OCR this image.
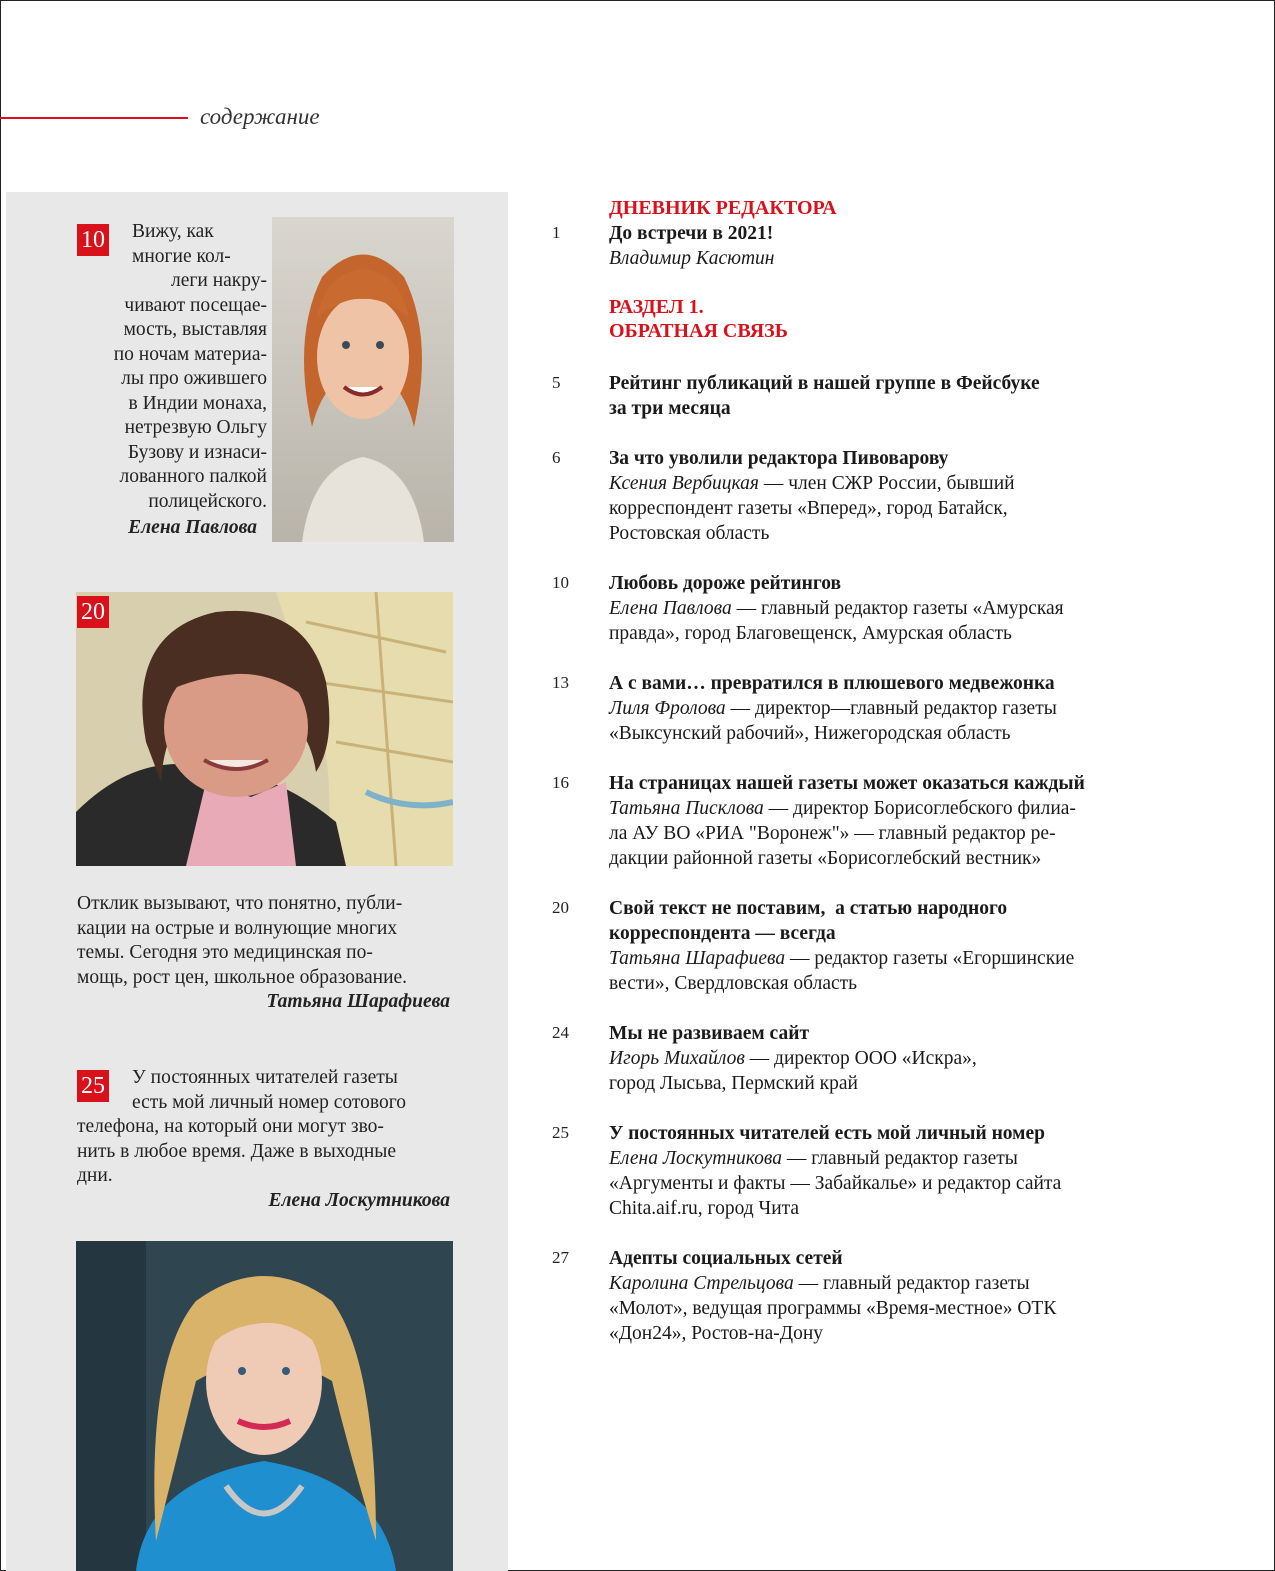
содержание
10	Вижу, как
многие кол-
леги накру-
чивают посещае-
мость, выставляя
по ночам материа-
лы про ожившего
в Индии монаха,
нетрезвую Ольгу
Бузову и изнаси-
лованного палкой
полицейского.
Елена Павлова
20
Отклик вызывают, что понятно, публи-
кации на острые и волнующие многих
темы. Сегодня это медицинская по-
мощь, рост цен, школьное образование.
Татьяна Шарафиева
25	У постоянных читателей газеты
есть мой личный номер сотового
телефона, на который они могут зво-
нить в любое время. Даже в выходные
дни.
Елена Лоскутникова
ДНЕВНИК РЕДАКТОРА
1 До встречи в 2021!
Владимир Касютин
РАЗДЕЛ 1.
ОБРАТНАЯ СВЯЗЬ
5 Рейтинг публикаций в нашей группе в Фейсбуке
за три месяца
6 За что уволили редактора Пивоварову
Ксения Вербицкая — член СЖР России, бывший
корреспондент газеты «Вперед», город Батайск,
Ростовская область
10 Любовь дороже рейтингов
Елена Павлова — главный редактор газеты «Амурская
правда», город Благовещенск, Амурская область
13 А с вами… превратился в плюшевого медвежонка
Лиля Фролова — директор—главный редактор газеты
«Выксунский рабочий», Нижегородская область
16 На страницах нашей газеты может оказаться каждый
Татьяна Писклова — директор Борисоглебского филиа-
ла АУ ВО «РИА "Воронеж"» — главный редактор ре-
дакции районной газеты «Борисоглебский вестник»
20 Свой текст не поставим,  а статью народного
корреспондента — всегда
Татьяна Шарафиева — редактор газеты «Егоршинские
вести», Свердловская область
24 Мы не развиваем сайт
Игорь Михайлов — директор ООО «Искра»,
город Лысьва, Пермский край
25 У постоянных читателей есть мой личный номер
Елена Лоскутникова — главный редактор газеты
«Аргументы и факты — Забайкалье» и редактор сайта
Chita.aif.ru, город Чита
27 Адепты социальных сетей
Каролина Стрельцова — главный редактор газеты
«Молот», ведущая программы «Время-местное» ОТК
«Дон24», Ростов-на-Дону
